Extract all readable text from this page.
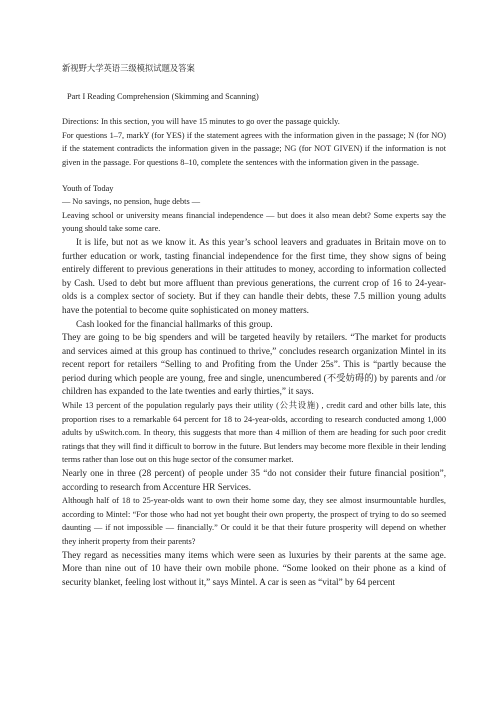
新视野大学英语三级模拟试题及答案
Part I Reading Comprehension (Skimming and Scanning)

Directions: In this section, you will have 15 minutes to go over the passage quickly.

For questions 1–7, markY (for YES) if the statement agrees with the information given in the passage; N (for NO) if the statement contradicts the information given in the passage; NG (for NOT GIVEN) if the information is not given in the passage. For questions 8–10, complete the sentences with the information given in the passage.

Youth of Today

— No savings, no pension, huge debts —

Leaving school or university means financial independence — but does it also mean debt? Some experts say the young should take some care.

It is life, but not as we know it. As this year’s school leavers and graduates in Britain move on to further education or work, tasting financial independence for the first time, they show signs of being entirely different to previous generations in their attitudes to money, according to information collected by Cash. Used to debt but more affluent than previous generations, the current crop of 16 to 24-year-olds is a complex sector of society. But if they can handle their debts, these 7.5 million young adults have the potential to become quite sophisticated on money matters.

Cash looked for the financial hallmarks of this group.

They are going to be big spenders and will be targeted heavily by retailers. “The market for products and services aimed at this group has continued to thrive,” concludes research organization Mintel in its recent report for retailers “Selling to and Profiting from the Under 25s”. This is “partly because the period during which people are young, free and single, unencumbered (不受妨碍的) by parents and /or children has expanded to the late twenties and early thirties,” it says.

While 13 percent of the population regularly pays their utility (公共设施) , credit card and other bills late, this proportion rises to a remarkable 64 percent for 18 to 24-year-olds, according to research conducted among 1,000 adults by uSwitch.com. In theory, this suggests that more than 4 million of them are heading for such poor credit ratings that they will find it difficult to borrow in the future. But lenders may become more flexible in their lending terms rather than lose out on this huge sector of the consumer market.

Nearly one in three (28 percent) of people under 35 “do not consider their future financial position”, according to research from Accenture HR Services.

Although half of 18 to 25-year-olds want to own their home some day, they see almost insurmountable hurdles, according to Mintel: “For those who had not yet bought their own property, the prospect of trying to do so seemed daunting — if not impossible — financially.” Or could it be that their future prosperity will depend on whether they inherit property from their parents?

They regard as necessities many items which were seen as luxuries by their parents at the same age. More than nine out of 10 have their own mobile phone. “Some looked on their phone as a kind of security blanket, feeling lost without it,” says Mintel. A car is seen as “vital” by 64 percent
